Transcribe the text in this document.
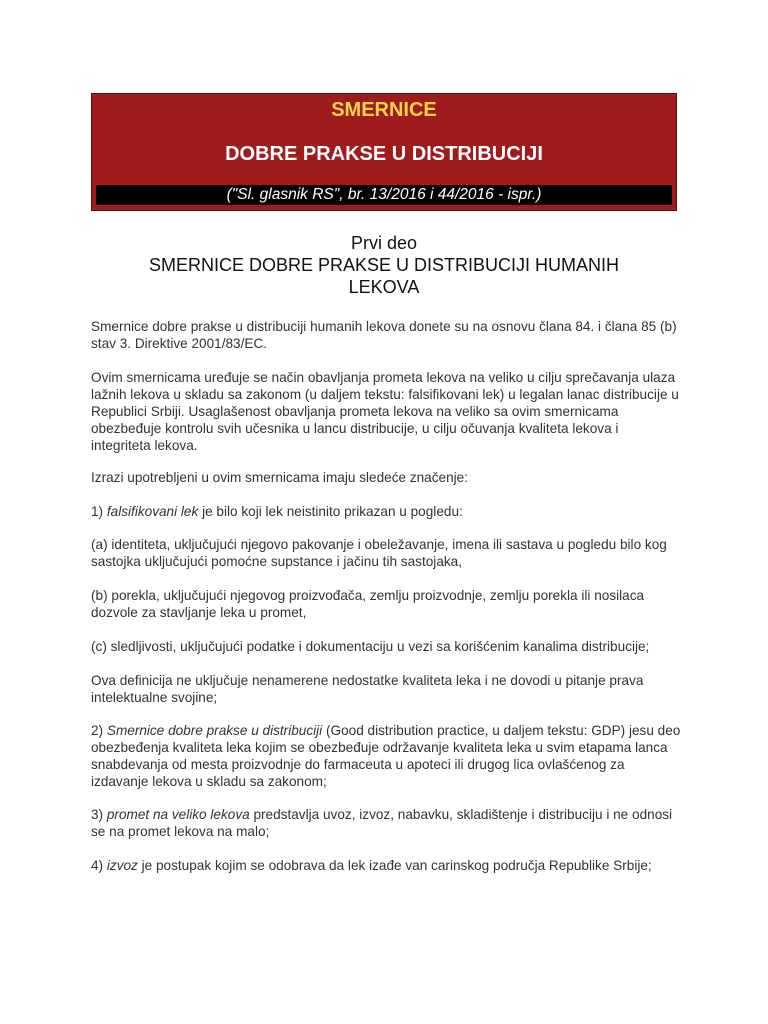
SMERNICE
DOBRE PRAKSE U DISTRIBUCIJI
("Sl. glasnik RS", br. 13/2016 i 44/2016 - ispr.)
Prvi deo
SMERNICE DOBRE PRAKSE U DISTRIBUCIJI HUMANIH
LEKOVA
Smernice dobre prakse u distribuciji humanih lekova donete su na osnovu člana 84. i člana 85 (b) stav 3. Direktive 2001/83/EC.
Ovim smernicama uređuje se način obavljanja prometa lekova na veliko u cilju sprečavanja ulaza lažnih lekova u skladu sa zakonom (u daljem tekstu: falsifikovani lek) u legalan lanac distribucije u Republici Srbiji. Usaglašenost obavljanja prometa lekova na veliko sa ovim smernicama obezbeđuje kontrolu svih učesnika u lancu distribucije, u cilju očuvanja kvaliteta lekova i integriteta lekova.
Izrazi upotrebljeni u ovim smernicama imaju sledeće značenje:
1) falsifikovani lek je bilo koji lek neistinito prikazan u pogledu:
(a) identiteta, uključujući njegovo pakovanje i obeležavanje, imena ili sastava u pogledu bilo kog sastojka uključujući pomoćne supstance i jačinu tih sastojaka,
(b) porekla, uključujući njegovog proizvođača, zemlju proizvodnje, zemlju porekla ili nosilaca dozvole za stavljanje leka u promet,
(c) sledljivosti, uključujući podatke i dokumentaciju u vezi sa korišćenim kanalima distribucije;
Ova definicija ne uključuje nenamerene nedostatke kvaliteta leka i ne dovodi u pitanje prava intelektualne svojine;
2) Smernice dobre prakse u distribuciji (Good distribution practice, u daljem tekstu: GDP) jesu deo obezbeđenja kvaliteta leka kojim se obezbeđuje održavanje kvaliteta leka u svim etapama lanca snabdevanja od mesta proizvodnje do farmaceuta u apoteci ili drugog lica ovlašćenog za izdavanje lekova u skladu sa zakonom;
3) promet na veliko lekova predstavlja uvoz, izvoz, nabavku, skladištenje i distribuciju i ne odnosi se na promet lekova na malo;
4) izvoz je postupak kojim se odobrava da lek izađe van carinskog područja Republike Srbije;
